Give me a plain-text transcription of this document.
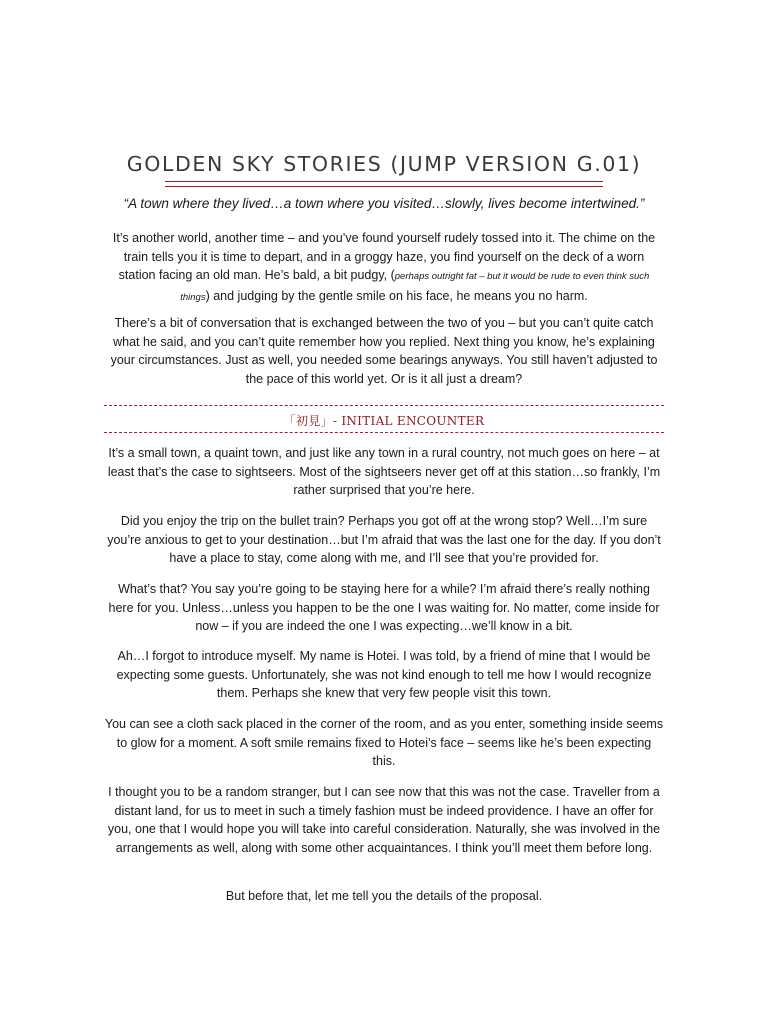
GOLDEN SKY STORIES (JUMP VERSION G.01)
“A town where they lived…a town where you visited…slowly, lives become intertwined.”
It’s another world, another time – and you’ve found yourself rudely tossed into it. The chime on the train tells you it is time to depart, and in a groggy haze, you find yourself on the deck of a worn station facing an old man. He’s bald, a bit pudgy, (perhaps outright fat – but it would be rude to even think such things) and judging by the gentle smile on his face, he means you no harm.
There’s a bit of conversation that is exchanged between the two of you – but you can’t quite catch what he said, and you can’t quite remember how you replied. Next thing you know, he’s explaining your circumstances. Just as well, you needed some bearings anyways. You still haven’t adjusted to the pace of this world yet. Or is it all just a dream?
「初見」- INITIAL ENCOUNTER
It’s a small town, a quaint town, and just like any town in a rural country, not much goes on here – at least that’s the case to sightseers. Most of the sightseers never get off at this station…so frankly, I’m rather surprised that you’re here.
Did you enjoy the trip on the bullet train? Perhaps you got off at the wrong stop? Well…I’m sure you’re anxious to get to your destination…but I’m afraid that was the last one for the day. If you don’t have a place to stay, come along with me, and I’ll see that you’re provided for.
What’s that? You say you’re going to be staying here for a while? I’m afraid there’s really nothing here for you. Unless…unless you happen to be the one I was waiting for. No matter, come inside for now – if you are indeed the one I was expecting…we’ll know in a bit.
Ah…I forgot to introduce myself. My name is Hotei. I was told, by a friend of mine that I would be expecting some guests. Unfortunately, she was not kind enough to tell me how I would recognize them. Perhaps she knew that very few people visit this town.
You can see a cloth sack placed in the corner of the room, and as you enter, something inside seems to glow for a moment. A soft smile remains fixed to Hotei’s face – seems like he’s been expecting this.
I thought you to be a random stranger, but I can see now that this was not the case. Traveller from a distant land, for us to meet in such a timely fashion must be indeed providence. I have an offer for you, one that I would hope you will take into careful consideration. Naturally, she was involved in the arrangements as well, along with some other acquaintances. I think you’ll meet them before long.
But before that, let me tell you the details of the proposal.
